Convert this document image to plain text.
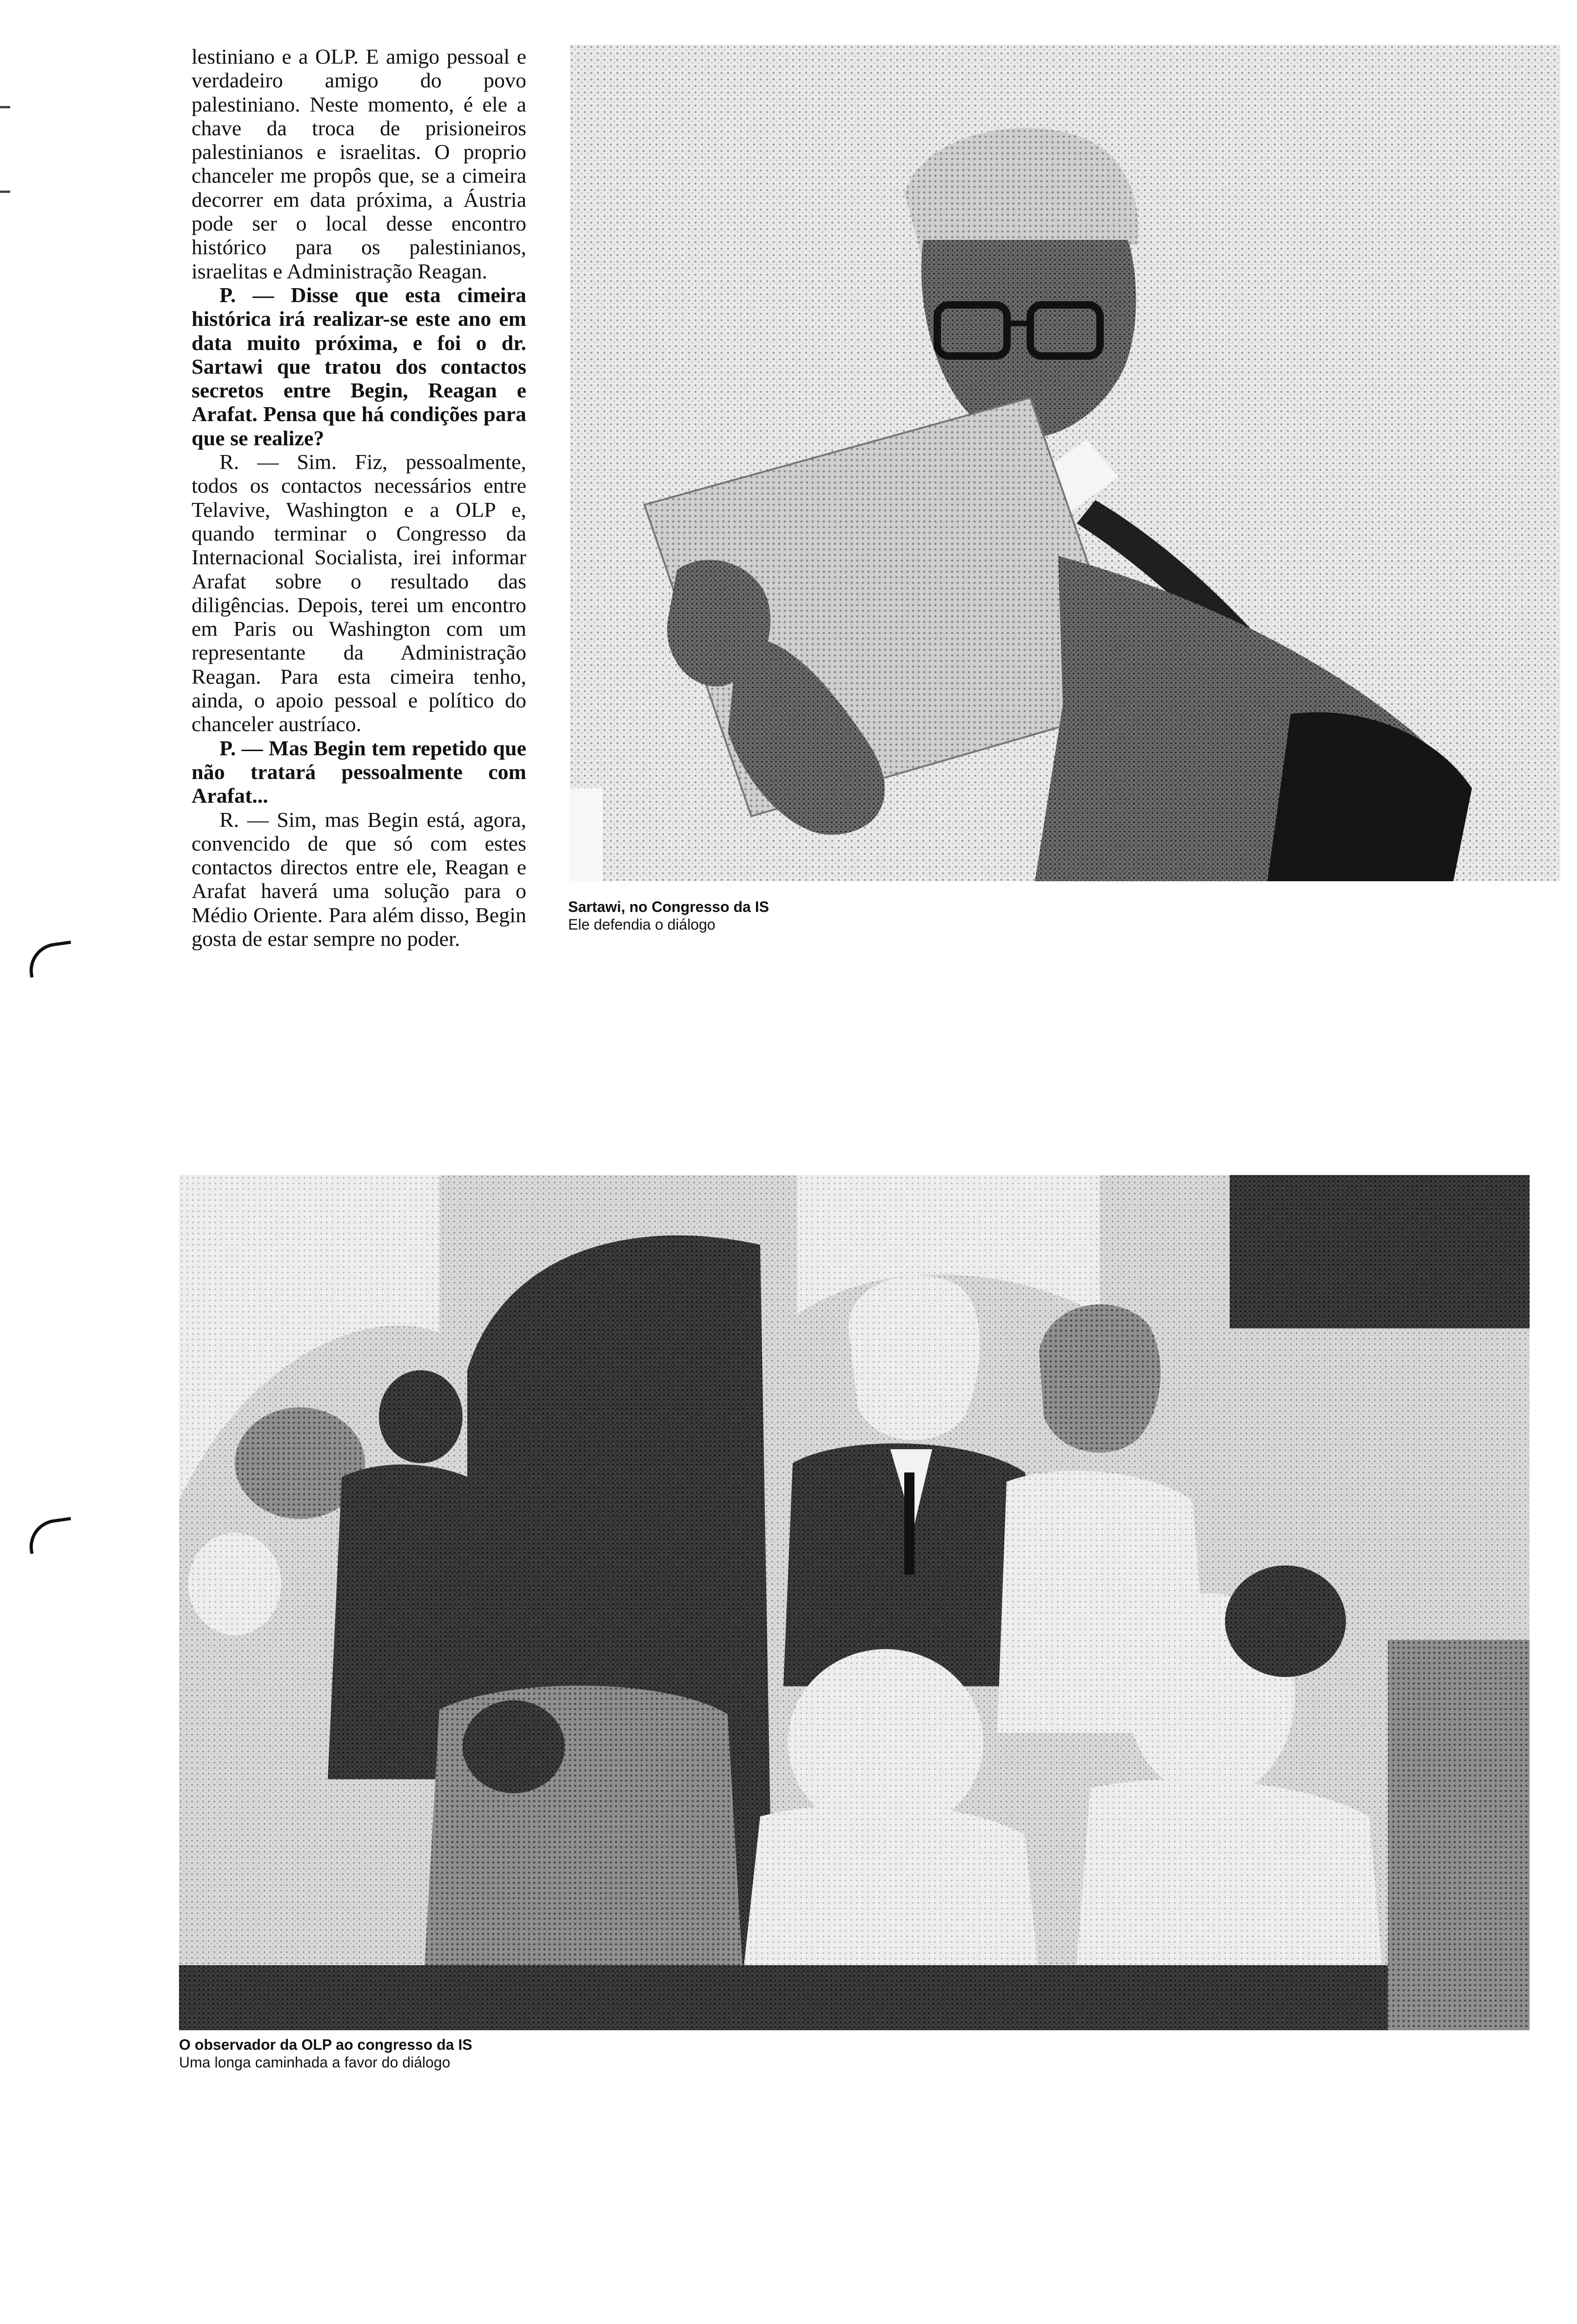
lestiniano e a OLP. E amigo pessoal e verdadeiro amigo do povo palestiniano. Neste momento, é ele a chave da troca de prisioneiros palestinianos e israelitas. O proprio chanceler me propôs que, se a cimeira decorrer em data próxima, a Áustria pode ser o local desse encontro histórico para os palestinianos, israelitas e Administração Reagan.

P. — Disse que esta cimeira histórica irá realizar-se este ano em data muito próxima, e foi o dr. Sartawi que tratou dos contactos secretos entre Begin, Reagan e Arafat. Pensa que há condições para que se realize?

R. — Sim. Fiz, pessoalmente, todos os contactos necessários entre Telavive, Washington e a OLP e, quando terminar o Congresso da Internacional Socialista, irei informar Arafat sobre o resultado das diligências. Depois, terei um encontro em Paris ou Washington com um representante da Administração Reagan. Para esta cimeira tenho, ainda, o apoio pessoal e político do chanceler austríaco.

P. — Mas Begin tem repetido que não tratará pessoalmente com Arafat...

R. — Sim, mas Begin está, agora, convencido de que só com estes contactos directos entre ele, Reagan e Arafat haverá uma solução para o Médio Oriente. Para além disso, Begin gosta de estar sempre no poder.

Sartawi, no Congresso da IS
Ele defendia o diálogo
O observador da OLP ao congresso da IS
Uma longa caminhada a favor do diálogo
